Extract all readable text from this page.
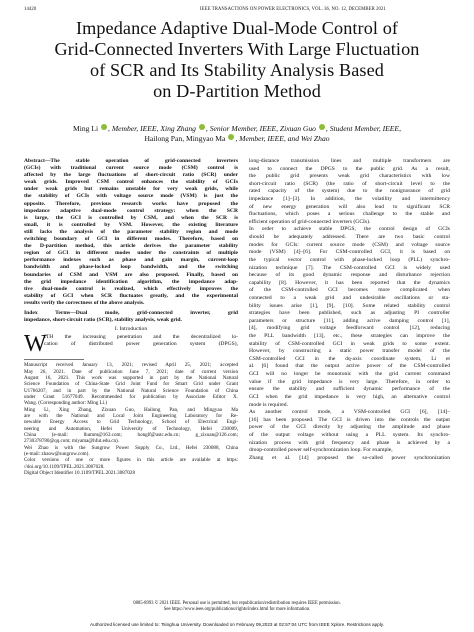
14420	IEEE TRANSACTIONS ON POWER ELECTRONICS, VOL. 36, NO. 12, DECEMBER 2021
Impedance Adaptive Dual-Mode Control of
Grid-Connected Inverters With Large Fluctuation
of SCR and Its Stability Analysis Based
on D-Partition Method
Ming Li , Member, IEEE, Xing Zhang , Senior Member, IEEE, Zixuan Guo , Student Member, IEEE,
Hailong Pan, Mingyao Ma , Member, IEEE, and Wei Zhao
Abstract—The stable operation of grid-connected inverters
(GCIs) with traditional current source mode (CSM) control is
affected by the large fluctuations of short-circuit ratio (SCR) under
weak grids. Improved CSM control enhances the stability of GCIs
under weak grids but remains unstable for very weak grids, while
the stability of GCIs with voltage source mode (VSM) is just the
opposite. Therefore, previous research works have proposed the
impedance adaptive dual-mode control strategy: when the SCR
is large, the GCI is controlled by CSM, and when the SCR is
small, it is controlled by VSM. However, the existing literature
still lacks the analysis of the parameter stability region and mode
switching boundary of GCI in different modes. Therefore, based on
the D-partition method, this article derives the parameter stability
region of GCI in different modes under the constraints of multiple
performance indexes such as phase and gain margin, current-loop
bandwidth and phase-locked loop bandwidth, and the switching
boundaries of CSM and VSM are also proposed. Finally, based on
the grid impedance identification algorithm, the impedance adap-
tive dual-mode control is realized, which effectively improves the
stability of GCI when SCR fluctuates greatly, and the experimental
results verify the correctness of the above analysis.
Index Terms—Dual mode, grid-connected inverter, grid
impedance, short-circuit ratio (SCR), stability analysis, weak grid.
I. Introduction
W
ITH the increasing penetration and the decentralized lo-
cation of distributed power generation system (DPGS),
Manuscript received January 13, 2021; revised April 25, 2021; accepted
May 26, 2021. Date of publication June 7, 2021; date of current version
August 16, 2021. This work was supported in part by the National Natural
Science Foundation of China-State Grid Joint Fund for Smart Grid under Grant
U1766207, and in part by the National Natural Science Foundation of China
under Grant 51677049. Recommended for publication by Associate Editor X.
Wang. (Corresponding author: Ming Li.)
Ming Li, Xing Zhang, Zixuan Guo, Hailong Pan, and Mingyao Ma
are with the National and Local Joint Engineering Laboratory for Re-
newable Energy Access to Grid Technology, School of Electrical Engi-
neering and Automation, Hefei University of Technology, Hefei 230009,
China (e-mail: lhumm@163.com; honglf@ustc.edu.cn; g_zixuan@126.com;
2730378780@qq.com; miyama@hfut.edu.cn).
Wei Zhao is with the Sungrow Power Supply Co., Ltd., Hefei 230088, China
(e-mail: zhaow@sungrow.com).
Color versions of one or more figures in this article are available at https:
//doi.org/10.1109/TPEL.2021.3087028.
Digital Object Identifier 10.1109/TPEL.2021.3087028
long-distance transmission lines and multiple transformers are
used to connect the DPGS to the public grid. As a result,
the public grid presents weak grid characteristics with low
short-circuit ratio (SCR) (the ratio of short-circuit level to the
rated capacity of the system) due to the nonignorance of grid
impedance [1]–[3]. In addition, the volatility and intermittency
of new energy generation will also lead to significant SCR
fluctuations, which poses a serious challenge to the stable and
efficient operation of grid-connected inverters (GCIs).
In order to achieve stable DPGS, the control design of GCIs
should be adequately addressed. There are two basic control
modes for GCIs: current source mode (CSM) and voltage source
mode (VSM) [4]–[6]. For CSM-controlled GCI, it is based on
the typical vector control with phase-locked loop (PLL) synchro-
nization technique [7]. The CSM-controlled GCI is widely used
because of its good dynamic response and disturbance rejection
capability [8]. However, it has been reported that the dynamics
of the CSM-controlled GCI becomes more complicated when
connected to a weak grid and undesirable oscillations or sta-
bility issues arise [1], [9], [10]. Some related stability control
strategies have been published, such as adjusting PI controller
parameters or structure [11], adding active damping control [1],
[4], modifying grid voltage feedforward control [12], reducing
the PLL bandwidth [13], etc., these strategies can improve the
stability of CSM-controlled GCI in weak grids to some extent.
However, by constructing a static power transfer model of the
CSM-controlled GCI in the dq-axis coordinate system, Li et
al. [6] found that the output active power of the CSM-controlled
GCI will no longer be monotonic with the grid current command
value if the grid impedance is very large. Therefore, in order to
ensure the stability and sufficient dynamic performance of the
GCI when the grid impedance is very high, an alternative control
mode is required.
As another control mode, a VSM-controlled GCI [6], [14]–
[16] has been proposed. The GCI is driven into the controls the output
power of the GCI directly by adjusting the amplitude and phase
of the output voltage without using a PLL system. Its synchro-
nization process with grid frequency and phase is achieved by a
droop-controlled power self-synchronization loop. For example,
Zhang et al. [14] proposed the so-called power synchronization
0885-8993 © 2021 IEEE. Personal use is permitted, but republication/redistribution requires IEEE permission.
See https://www.ieee.org/publications/rights/index.html for more information.
Authorized licensed use limited to: Tsinghua University. Downloaded on February 09,2023 at 02:57:04 UTC from IEEE Xplore. Restrictions apply.
